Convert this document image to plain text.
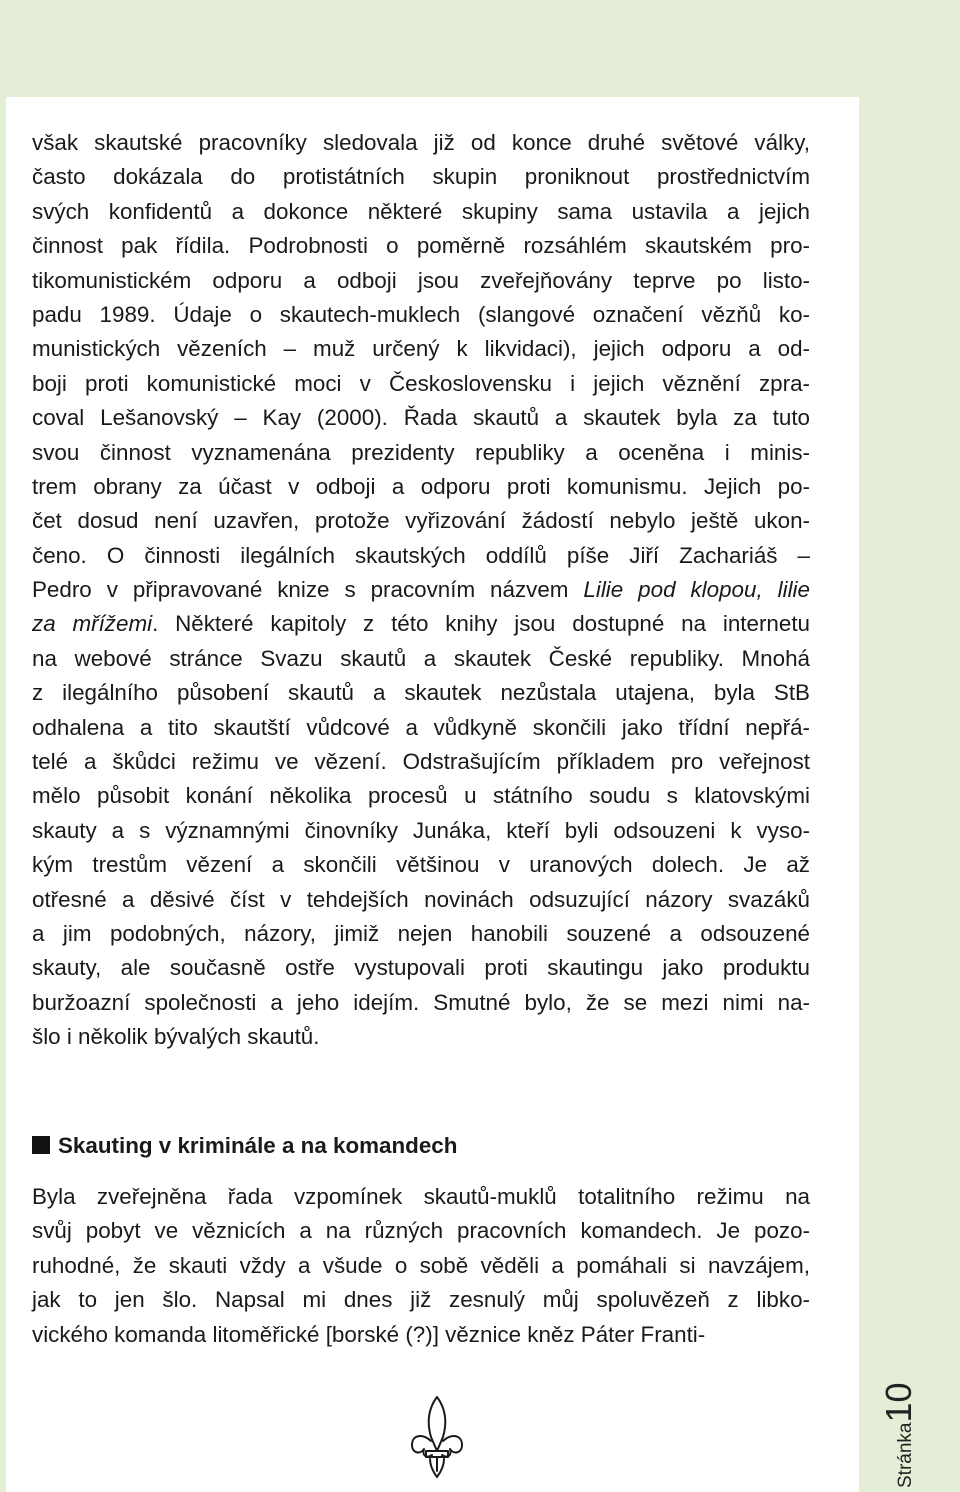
však skautské pracovníky sledovala již od konce druhé světové války,
často dokázala do protistátních skupin proniknout prostřednictvím
svých konfidentů a dokonce některé skupiny sama ustavila a jejich
činnost pak řídila. Podrobnosti o poměrně rozsáhlém skautském pro-
tikomunistickém odporu a odboji jsou zveřejňovány teprve po listo-
padu 1989. Údaje o skautech-muklech (slangové označení vězňů ko-
munistických vězeních – muž určený k likvidaci), jejich odporu a od-
boji proti komunistické moci v Československu i jejich věznění zpra-
coval Lešanovský – Kay (2000). Řada skautů a skautek byla za tuto
svou činnost vyznamenána prezidenty republiky a oceněna i minis-
trem obrany za účast v odboji a odporu proti komunismu. Jejich po-
čet dosud není uzavřen, protože vyřizování žádostí nebylo ještě ukon-
čeno. O činnosti ilegálních skautských oddílů píše Jiří Zachariáš –
Pedro v připravované knize s pracovním názvem Lilie pod klopou, lilie
za mřížemi. Některé kapitoly z této knihy jsou dostupné na internetu
na webové stránce Svazu skautů a skautek České republiky. Mnohá
z ilegálního působení skautů a skautek nezůstala utajena, byla StB
odhalena a tito skautští vůdcové a vůdkyně skončili jako třídní nepřá-
telé a škůdci režimu ve vězení. Odstrašujícím příkladem pro veřejnost
mělo působit konání několika procesů u státního soudu s klatovskými
skauty a s významnými činovníky Junáka, kteří byli odsouzeni k vyso-
kým trestům vězení a skončili většinou v uranových dolech. Je až
otřesné a děsivé číst v tehdejších novinách odsuzující názory svazáků
a jim podobných, názory, jimiž nejen hanobili souzené a odsouzené
skauty, ale současně ostře vystupovali proti skautingu jako produktu
buržoazní společnosti a jeho idejím. Smutné bylo, že se mezi nimi na-
šlo i několik bývalých skautů.
Skauting v kriminále a na komandech
Byla zveřejněna řada vzpomínek skautů-muklů totalitního režimu na
svůj pobyt ve věznicích a na různých pracovních komandech. Je pozo-
ruhodné, že skauti vždy a všude o sobě věděli a pomáhali si navzájem,
jak to jen šlo. Napsal mi dnes již zesnulý můj spoluvězeň z libko-
vického komanda litoměřické [borské (?)] věznice kněz Páter Franti-
Stránka10
